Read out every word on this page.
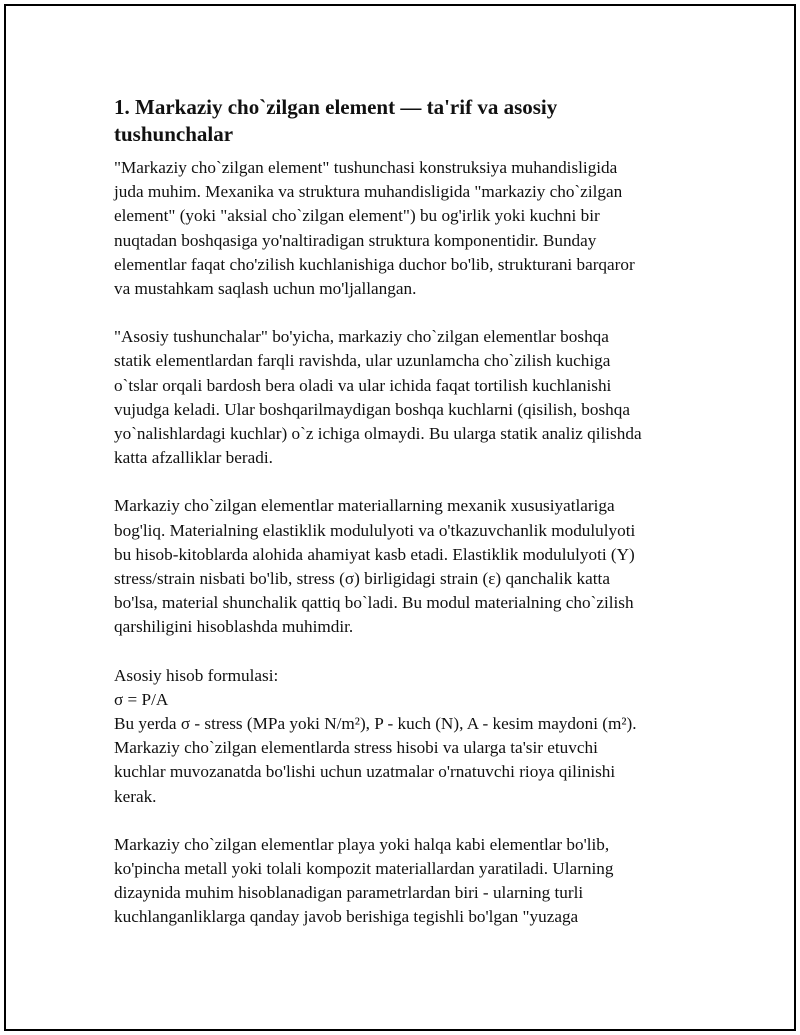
1. Markaziy cho`zilgan element — ta'rif va asosiy
tushunchalar

"Markaziy cho`zilgan element" tushunchasi konstruksiya muhandisligida
juda muhim. Mexanika va struktura muhandisligida "markaziy cho`zilgan
element" (yoki "aksial cho`zilgan element") bu og'irlik yoki kuchni bir
nuqtadan boshqasiga yo'naltiradigan struktura komponentidir. Bunday
elementlar faqat cho'zilish kuchlanishiga duchor bo'lib, strukturani barqaror
va mustahkam saqlash uchun mo'ljallangan.

"Asosiy tushunchalar" bo'yicha, markaziy cho`zilgan elementlar boshqa
statik elementlardan farqli ravishda, ular uzunlamcha cho`zilish kuchiga
o`tslar orqali bardosh bera oladi va ular ichida faqat tortilish kuchlanishi
vujudga keladi. Ular boshqarilmaydigan boshqa kuchlarni (qisilish, boshqa
yo`nalishlardagi kuchlar) o`z ichiga olmaydi. Bu ularga statik analiz qilishda
katta afzalliklar beradi.

Markaziy cho`zilgan elementlar materiallarning mexanik xususiyatlariga
bog'liq. Materialning elastiklik modululyoti va o'tkazuvchanlik modululyoti
bu hisob-kitoblarda alohida ahamiyat kasb etadi. Elastiklik modululyoti (Y)
stress/strain nisbati bo'lib, stress (σ) birligidagi strain (ε) qanchalik katta
bo'lsa, material shunchalik qattiq bo`ladi. Bu modul materialning cho`zilish
qarshiligini hisoblashda muhimdir.

Asosiy hisob formulasi:
σ = P/A
Bu yerda σ - stress (MPa yoki N/m²), P - kuch (N), A - kesim maydoni (m²).
Markaziy cho`zilgan elementlarda stress hisobi va ularga ta'sir etuvchi
kuchlar muvozanatda bo'lishi uchun uzatmalar o'rnatuvchi rioya qilinishi
kerak.

Markaziy cho`zilgan elementlar playa yoki halqa kabi elementlar bo'lib,
ko'pincha metall yoki tolali kompozit materiallardan yaratiladi. Ularning
dizaynida muhim hisoblanadigan parametrlardan biri - ularning turli
kuchlanganliklarga qanday javob berishiga tegishli bo'lgan "yuzaga
